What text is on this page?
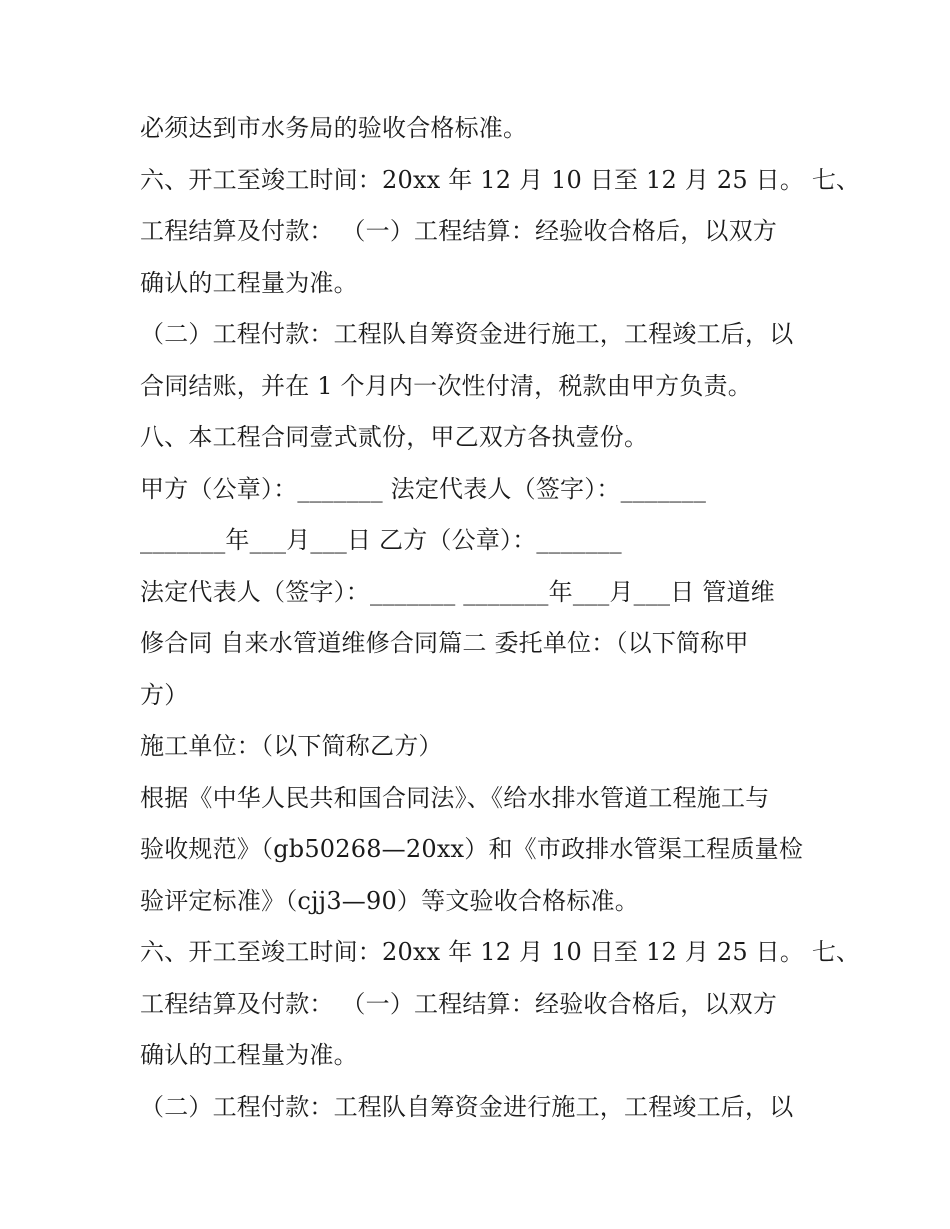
必须达到市水务局的验收合格标准。
六、开工至竣工时间：20xx 年 12 月 10 日至 12 月 25 日。 七、
工程结算及付款： （一）工程结算：经验收合格后，以双方
确认的工程量为准。
（二）工程付款：工程队自筹资金进行施工，工程竣工后，以
合同结账，并在 1 个月内一次性付清，税款由甲方负责。
八、本工程合同壹式贰份，甲乙双方各执壹份。
甲方（公章）：_______ 法定代表人（签字）：_______
_______年___月___日 乙方（公章）：_______
法定代表人（签字）：_______ _______年___月___日 管道维
修合同 自来水管道维修合同篇二 委托单位：（以下简称甲
方）
施工单位：（以下简称乙方）
根据《中华人民共和国合同法》、《给水排水管道工程施工与
验收规范》（gb50268—20xx）和《市政排水管渠工程质量检
验评定标准》（cjj3—90）等文验收合格标准。
六、开工至竣工时间：20xx 年 12 月 10 日至 12 月 25 日。 七、
工程结算及付款： （一）工程结算：经验收合格后，以双方
确认的工程量为准。
（二）工程付款：工程队自筹资金进行施工，工程竣工后，以
